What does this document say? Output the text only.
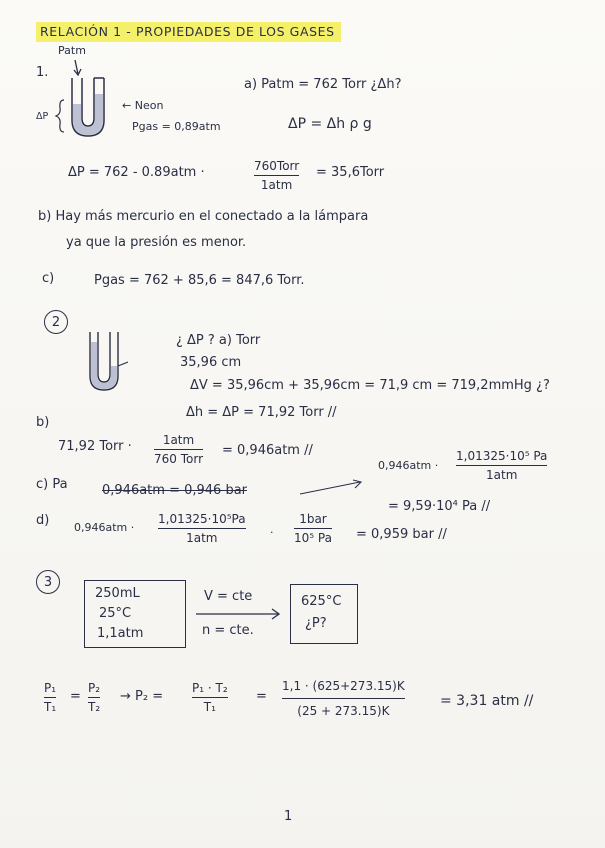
RELACIÓN 1 - PROPIEDADES DE LOS GASES
1.
Patm
ΔP
← Neon
Pgas = 0,89atm
a) Patm = 762 Torr ¿Δh?
ΔP = Δh ρ g
ΔP = 762 - 0.89atm ·	760Torr
1atm
= 35,6Torr
b) Hay más mercurio en el conectado a la lámpara
ya que la presión es menor.
c)	Pgas = 762 + 85,6 = 847,6 Torr.
2
¿ ΔP ? a) Torr
35,96 cm
ΔV = 35,96cm + 35,96cm = 71,9 cm = 719,2mmHg ¿?
Δh = ΔP = 71,92 Torr //
b)
71,92 Torr ·	1atm
760 Torr
= 0,946atm //
0,946atm ·
1,01325·10⁵ Pa
1atm
= 9,59·10⁴ Pa //
c) Pa	0,946atm = 0,946 bar
d) 0,946atm ·
1,01325·10⁵Pa
1atm	·
1bar
10⁵ Pa = 0,959 bar //
3
250mL
25°C
1,1atm
V = cte
n = cte.
625°C
¿P?
P₁
T₁
=
P₂
T₂
→ P₂ =
P₁ · T₂
T₁
=
1,1 · (625+273.15)K
(25 + 273.15)K
= 3,31 atm //
1
